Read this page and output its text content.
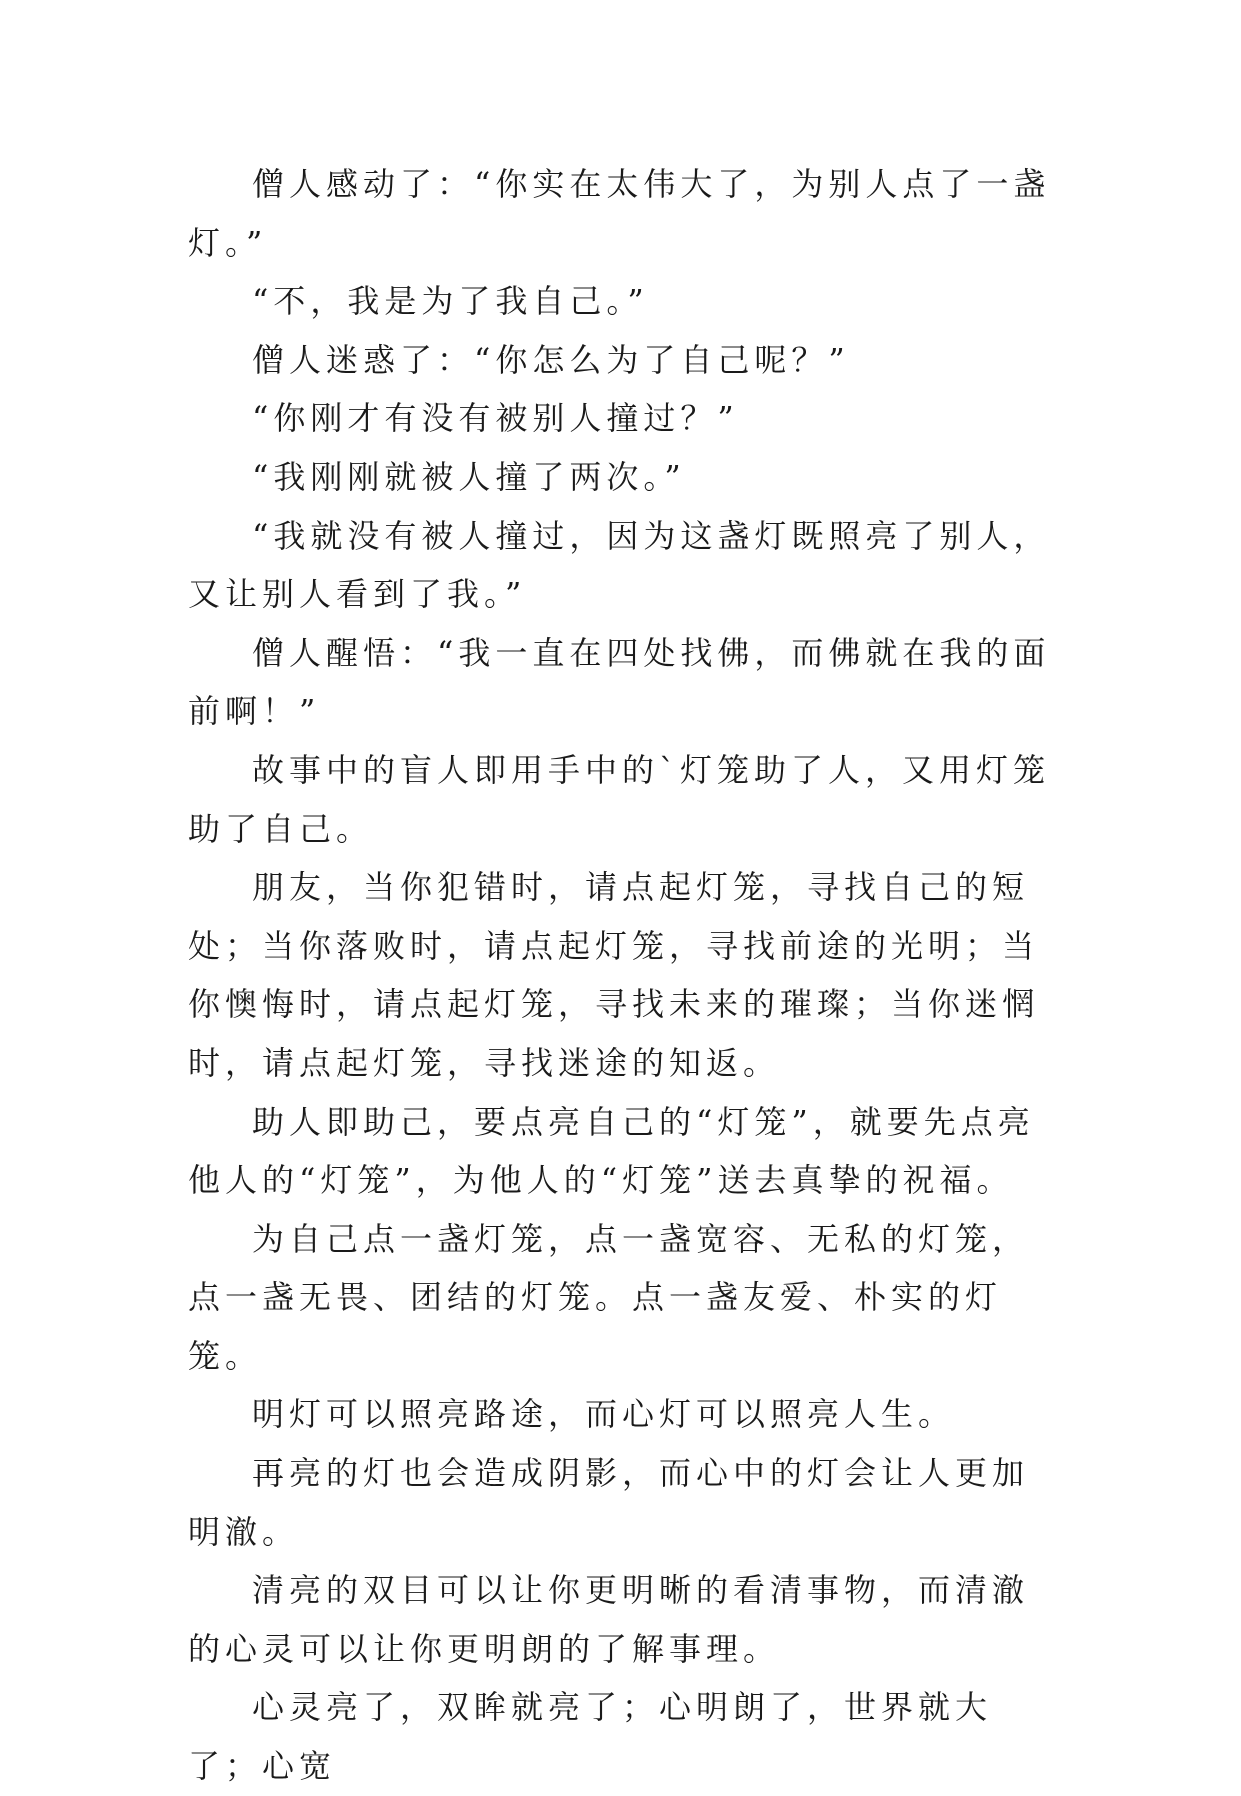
僧人感动了：“你实在太伟大了，为别人点了一盏灯。”

“不，我是为了我自己。”

僧人迷惑了：“你怎么为了自己呢？”

“你刚才有没有被别人撞过？”

“我刚刚就被人撞了两次。”

“我就没有被人撞过，因为这盏灯既照亮了别人，又让别人看到了我。”

僧人醒悟：“我一直在四处找佛，而佛就在我的面前啊！”

故事中的盲人即用手中的`灯笼助了人，又用灯笼助了自己。

朋友，当你犯错时，请点起灯笼，寻找自己的短处；当你落败时，请点起灯笼，寻找前途的光明；当你懊悔时，请点起灯笼，寻找未来的璀璨；当你迷惘时，请点起灯笼，寻找迷途的知返。

助人即助己，要点亮自己的“灯笼”，就要先点亮他人的“灯笼”，为他人的“灯笼”送去真挚的祝福。

为自己点一盏灯笼，点一盏宽容、无私的灯笼，点一盏无畏、团结的灯笼。点一盏友爱、朴实的灯笼。

明灯可以照亮路途，而心灯可以照亮人生。

再亮的灯也会造成阴影，而心中的灯会让人更加明澈。

清亮的双目可以让你更明晰的看清事物，而清澈的心灵可以让你更明朗的了解事理。

心灵亮了，双眸就亮了；心明朗了，世界就大了；心宽
